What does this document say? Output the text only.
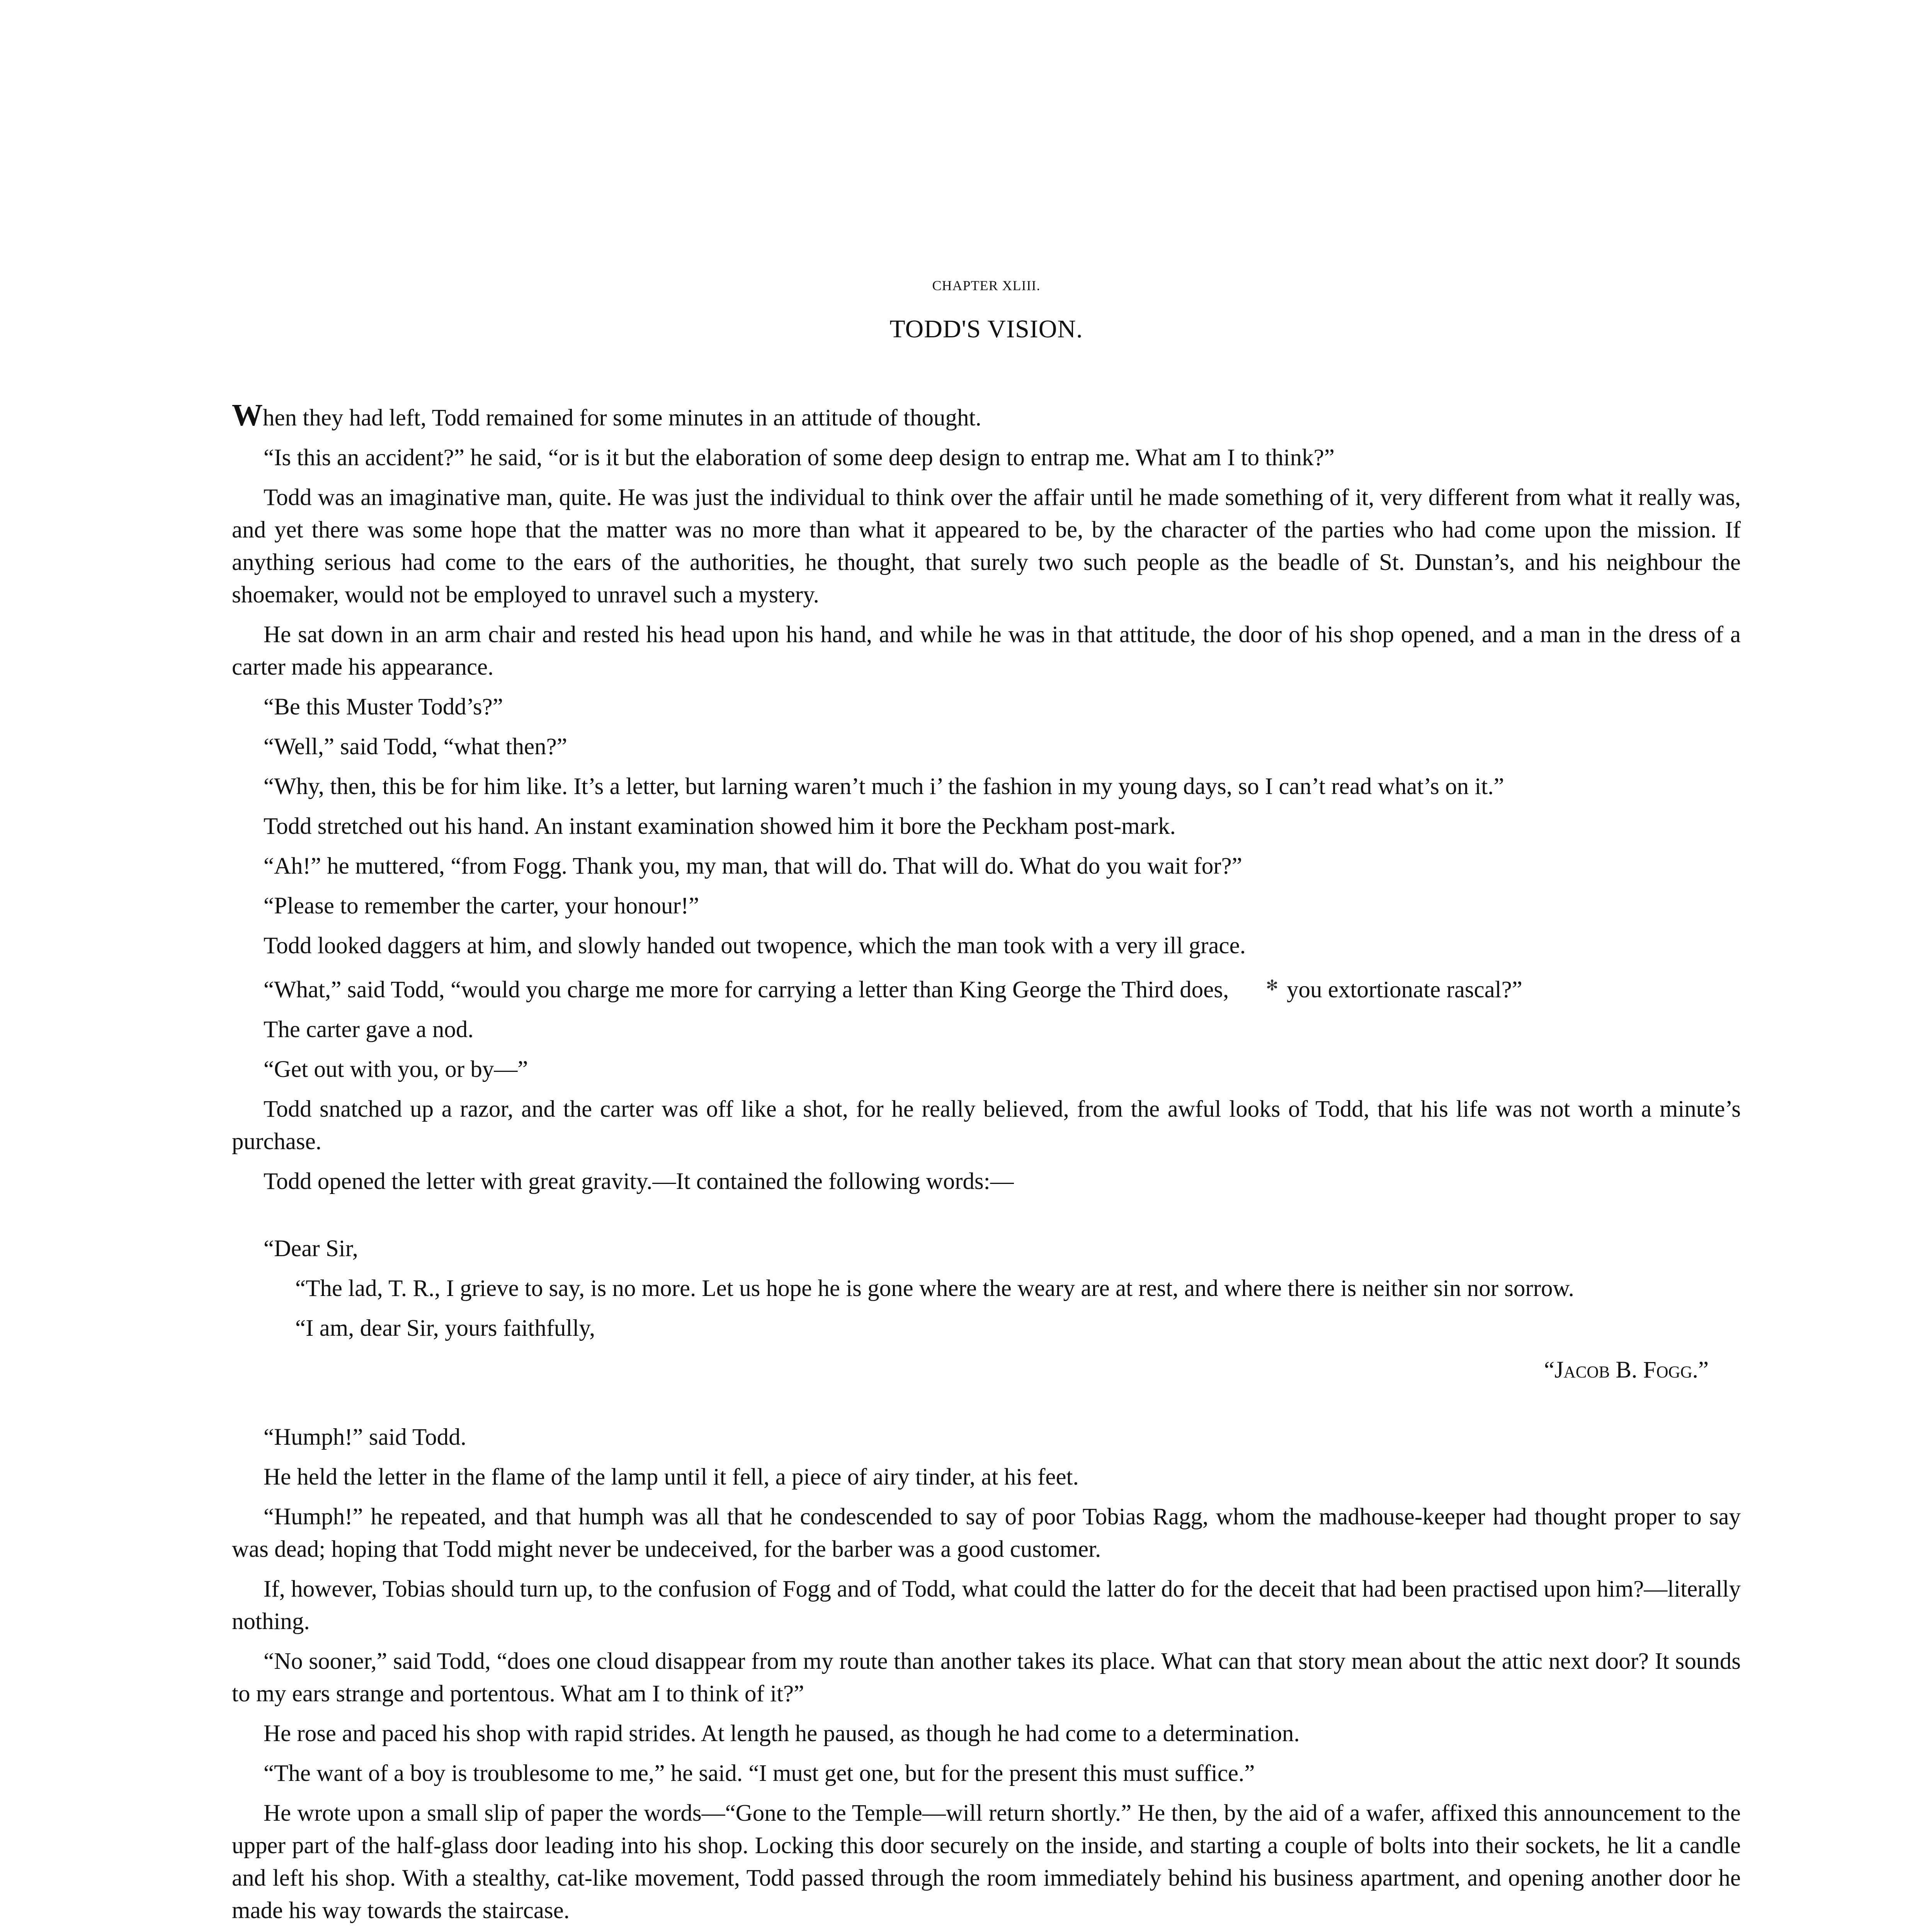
CHAPTER XLIII.
TODD'S VISION.

When they had left, Todd remained for some minutes in an attitude of thought.

“Is this an accident?” he said, “or is it but the elaboration of some deep design to entrap me. What am I to think?”

Todd was an imaginative man, quite. He was just the individual to think over the affair until he made something of it, very different from what it really was, and yet there was some hope that the matter was no more than what it appeared to be, by the character of the parties who had come upon the mission. If anything serious had come to the ears of the authorities, he thought, that surely two such people as the beadle of St. Dunstan’s, and his neighbour the shoemaker, would not be employed to unravel such a mystery.

He sat down in an arm chair and rested his head upon his hand, and while he was in that attitude, the door of his shop opened, and a man in the dress of a carter made his appearance.

“Be this Muster Todd’s?”

“Well,” said Todd, “what then?”

“Why, then, this be for him like. It’s a letter, but larning waren’t much i’ the fashion in my young days, so I can’t read what’s on it.”

Todd stretched out his hand. An instant examination showed him it bore the Peckham post-mark.

“Ah!” he muttered, “from Fogg. Thank you, my man, that will do. That will do. What do you wait for?”

“Please to remember the carter, your honour!”

Todd looked daggers at him, and slowly handed out twopence, which the man took with a very ill grace.

“What,” said Todd, “would you charge me more for carrying a letter than King George the Third does,	✻ you extortionate rascal?”

The carter gave a nod.

“Get out with you, or by—”

Todd snatched up a razor, and the carter was off like a shot, for he really believed, from the awful looks of Todd, that his life was not worth a minute’s purchase.

Todd opened the letter with great gravity.—It contained the following words:—

“Dear Sir,

“The lad, T. R., I grieve to say, is no more. Let us hope he is gone where the weary are at rest, and where there is neither sin nor sorrow.

“I am, dear Sir, yours faithfully,

“Jacob B. Fogg.”

“Humph!” said Todd.

He held the letter in the flame of the lamp until it fell, a piece of airy tinder, at his feet.

“Humph!” he repeated, and that humph was all that he condescended to say of poor Tobias Ragg, whom the madhouse-keeper had thought proper to say was dead; hoping that Todd might never be undeceived, for the barber was a good customer.

If, however, Tobias should turn up, to the confusion of Fogg and of Todd, what could the latter do for the deceit that had been practised upon him?—literally nothing.

“No sooner,” said Todd, “does one cloud disappear from my route than another takes its place. What can that story mean about the attic next door? It sounds to my ears strange and portentous. What am I to think of it?”

He rose and paced his shop with rapid strides. At length he paused, as though he had come to a determination.

“The want of a boy is troublesome to me,” he said. “I must get one, but for the present this must suffice.”

He wrote upon a small slip of paper the words—“Gone to the Temple—will return shortly.” He then, by the aid of a wafer, affixed this announcement to the upper part of the half-glass door leading into his shop. Locking this door securely on the inside, and starting a couple of bolts into their sockets, he lit a candle and left his shop. With a stealthy, cat-like movement, Todd passed through the room immediately behind his business apartment, and opening another door he made his way towards the staircase.
